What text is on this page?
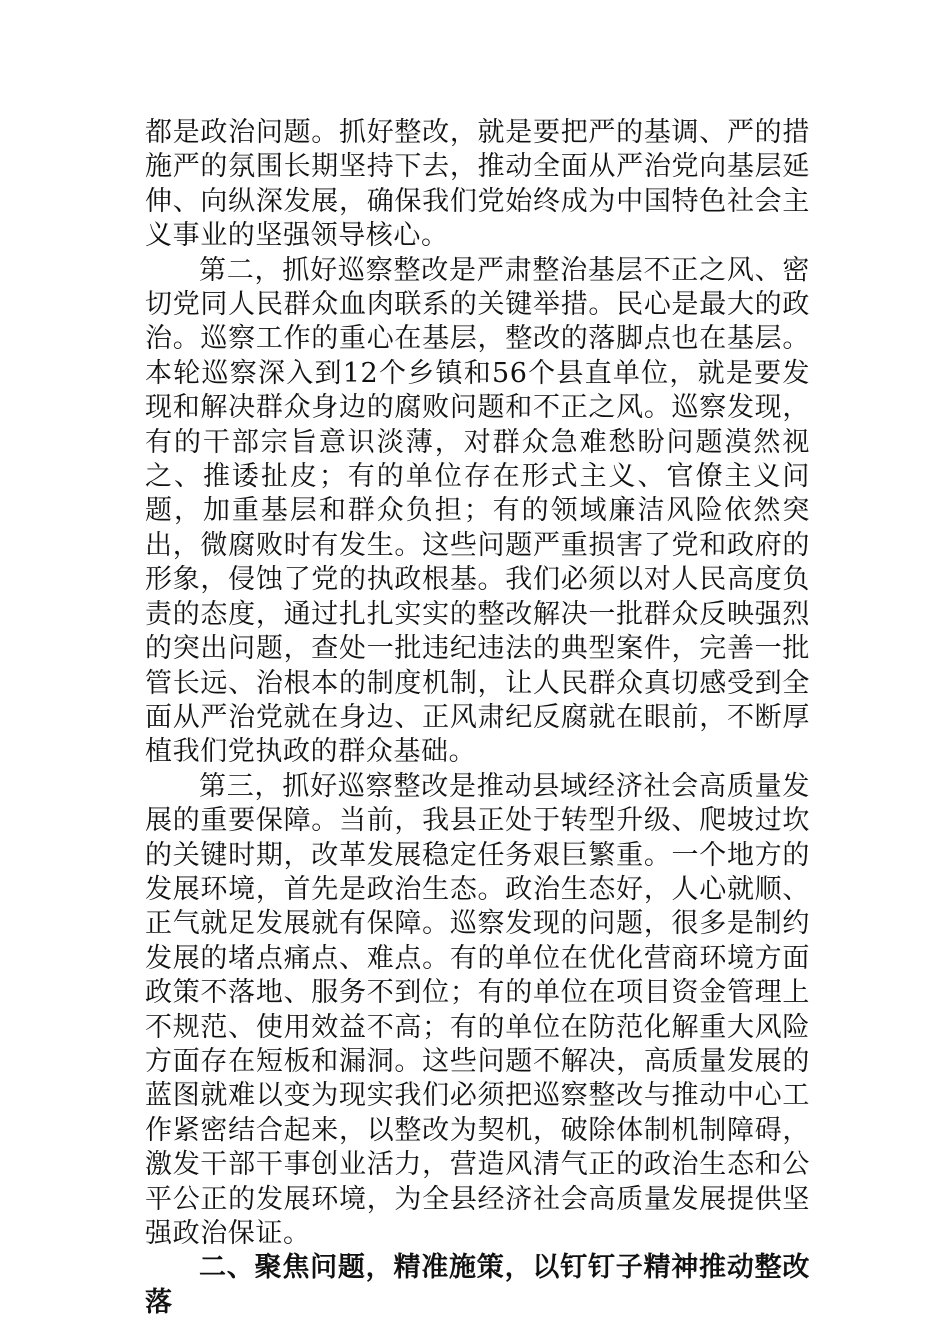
都是政治问题。抓好整改，就是要把严的基调、严的措施严的氛围长期坚持下去，推动全面从严治党向基层延伸、向纵深发展，确保我们党始终成为中国特色社会主义事业的坚强领导核心。

第二，抓好巡察整改是严肃整治基层不正之风、密切党同人民群众血肉联系的关键举措。民心是最大的政治。巡察工作的重心在基层，整改的落脚点也在基层。本轮巡察深入到12个乡镇和56个县直单位，就是要发现和解决群众身边的腐败问题和不正之风。巡察发现，有的干部宗旨意识淡薄，对群众急难愁盼问题漠然视之、推诿扯皮；有的单位存在形式主义、官僚主义问题，加重基层和群众负担；有的领域廉洁风险依然突出，微腐败时有发生。这些问题严重损害了党和政府的形象，侵蚀了党的执政根基。我们必须以对人民高度负责的态度，通过扎扎实实的整改解决一批群众反映强烈的突出问题，查处一批违纪违法的典型案件，完善一批管长远、治根本的制度机制，让人民群众真切感受到全面从严治党就在身边、正风肃纪反腐就在眼前，不断厚植我们党执政的群众基础。

第三，抓好巡察整改是推动县域经济社会高质量发展的重要保障。当前，我县正处于转型升级、爬坡过坎的关键时期，改革发展稳定任务艰巨繁重。一个地方的发展环境，首先是政治生态。政治生态好，人心就顺、正气就足发展就有保障。巡察发现的问题，很多是制约发展的堵点痛点、难点。有的单位在优化营商环境方面政策不落地、服务不到位；有的单位在项目资金管理上不规范、使用效益不高；有的单位在防范化解重大风险方面存在短板和漏洞。这些问题不解决，高质量发展的蓝图就难以变为现实我们必须把巡察整改与推动中心工作紧密结合起来，以整改为契机，破除体制机制障碍，激发干部干事创业活力，营造风清气正的政治生态和公平公正的发展环境，为全县经济社会高质量发展提供坚强政治保证。

二、聚焦问题，精准施策，以钉钉子精神推动整改落
